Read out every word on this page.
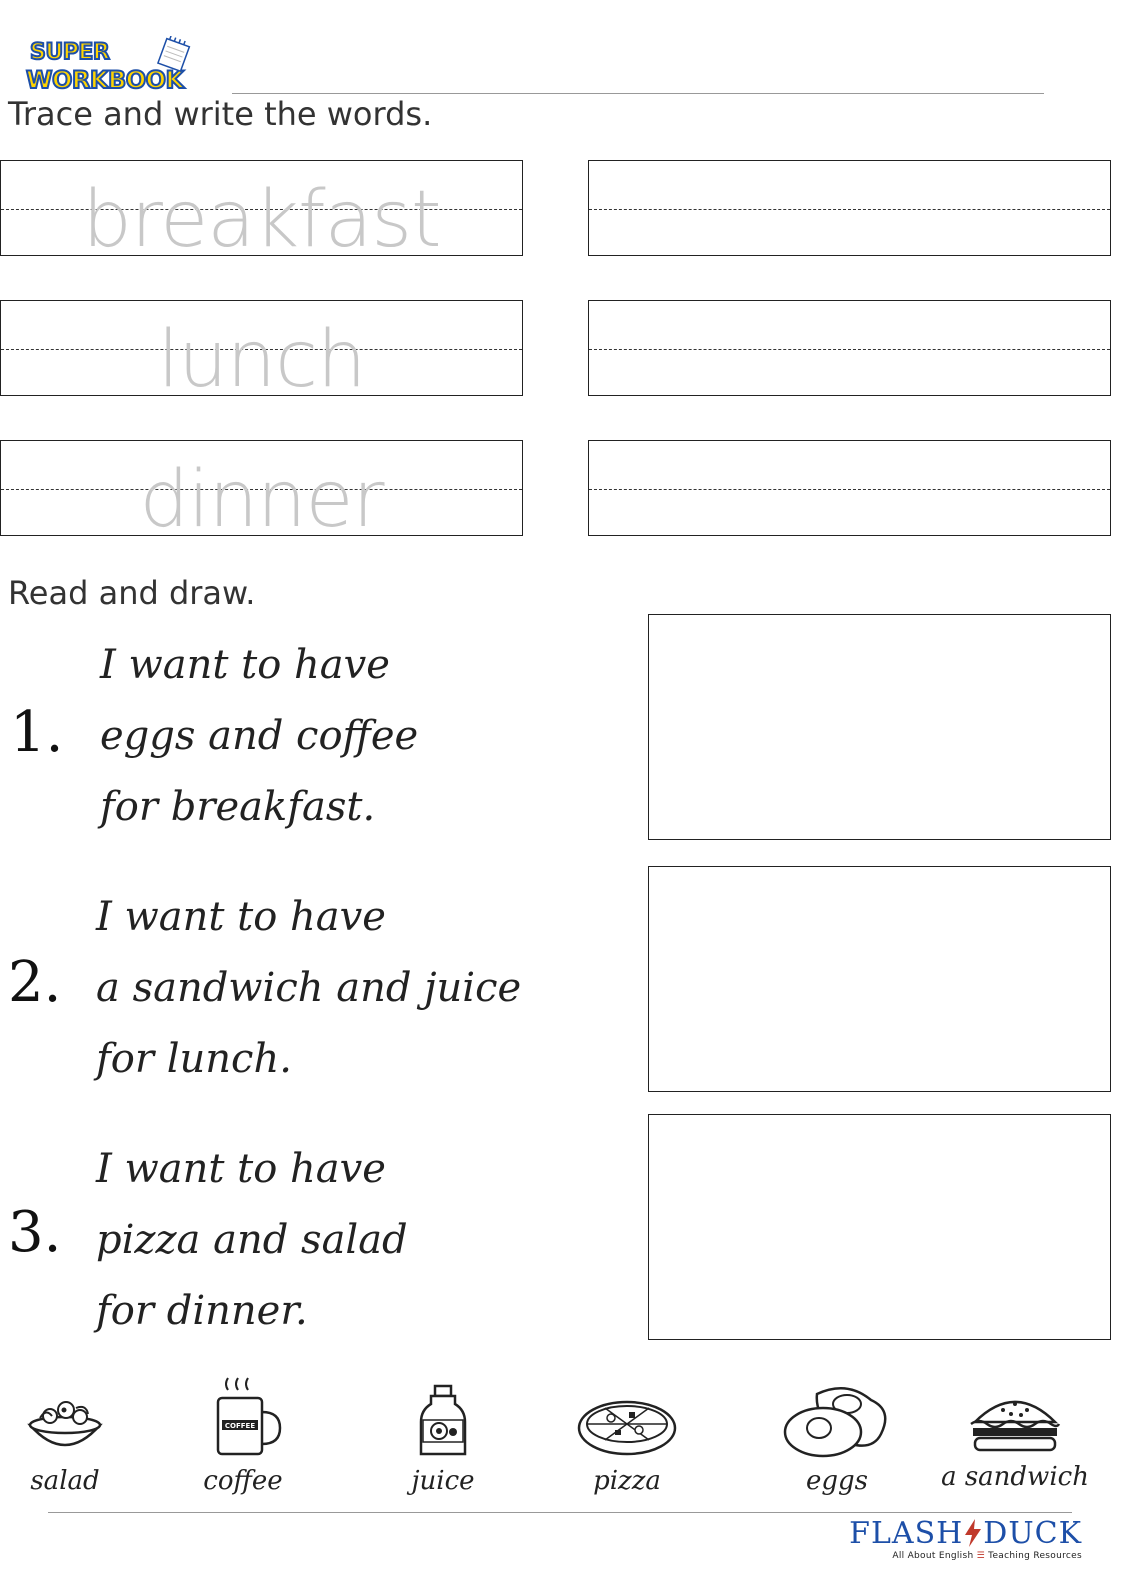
SUPER
WORKBOOK
Trace and write the words.
breakfast
lunch
dinner
Read and draw.
1.
I want to have
eggs and coffee
for breakfast.
2.
I want to have
a sandwich and juice
for lunch.
3.
I want to have
pizza and salad
for dinner.
salad
COFFEE
coffee	juice	pizza	eggs	a sandwich
FLASH DUCK
All About English ☰ Teaching Resources
